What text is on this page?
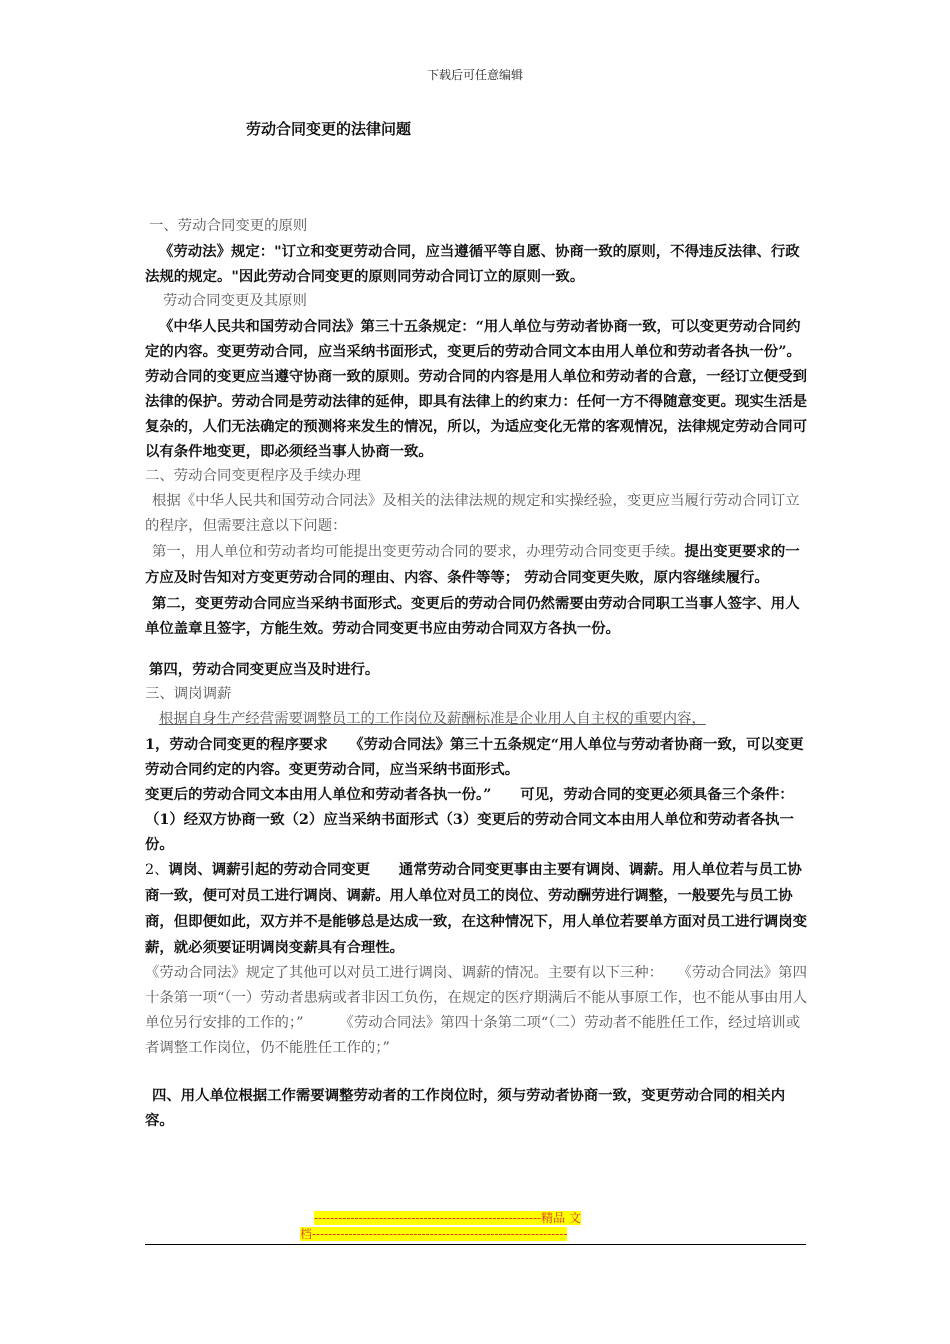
下载后可任意编辑
劳动合同变更的法律问题

一、劳动合同变更的原则

《劳动法》规定："订立和变更劳动合同，应当遵循平等自愿、协商一致的原则，不得违反法律、行政法规的规定。"因此劳动合同变更的原则同劳动合同订立的原则一致。

劳动合同变更及其原则

《中华人民共和国劳动合同法》第三十五条规定：“用人单位与劳动者协商一致，可以变更劳动合同约定的内容。变更劳动合同，应当采纳书面形式，变更后的劳动合同文本由用人单位和劳动者各执一份”。劳动合同的变更应当遵守协商一致的原则。劳动合同的内容是用人单位和劳动者的合意，一经订立便受到法律的保护。劳动合同是劳动法律的延伸，即具有法律上的约束力：任何一方不得随意变更。现实生活是复杂的，人们无法确定的预测将来发生的情况，所以，为适应变化无常的客观情况，法律规定劳动合同可以有条件地变更，即必须经当事人协商一致。

二、劳动合同变更程序及手续办理

根据《中华人民共和国劳动合同法》及相关的法律法规的规定和实操经验，变更应当履行劳动合同订立的程序，但需要注意以下问题：

第一，用人单位和劳动者均可能提出变更劳动合同的要求，办理劳动合同变更手续。提出变更要求的一方应及时告知对方变更劳动合同的理由、内容、条件等等； 劳动合同变更失败，原内容继续履行。

第二，变更劳动合同应当采纳书面形式。变更后的劳动合同仍然需要由劳动合同职工当事人签字、用人单位盖章且签字，方能生效。劳动合同变更书应由劳动合同双方各执一份。

第四，劳动合同变更应当及时进行。

三、调岗调薪

根据自身生产经营需要调整员工的工作岗位及薪酬标准是企业用人自主权的重要内容，

1，劳动合同变更的程序要求　　《劳动合同法》第三十五条规定“用人单位与劳动者协商一致，可以变更劳动合同约定的内容。变更劳动合同，应当采纳书面形式。

变更后的劳动合同文本由用人单位和劳动者各执一份。”　　可见，劳动合同的变更必须具备三个条件：（1）经双方协商一致（2）应当采纳书面形式（3）变更后的劳动合同文本由用人单位和劳动者各执一份。

2、调岗、调薪引起的劳动合同变更　　通常劳动合同变更事由主要有调岗、调薪。用人单位若与员工协商一致，便可对员工进行调岗、调薪。用人单位对员工的岗位、劳动酬劳进行调整，一般要先与员工协商，但即便如此，双方并不是能够总是达成一致，在这种情况下，用人单位若要单方面对员工进行调岗变薪，就必须要证明调岗变薪具有合理性。

《劳动合同法》规定了其他可以对员工进行调岗、调薪的情况。主要有以下三种：　　《劳动合同法》第四十条第一项“（一）劳动者患病或者非因工负伤，在规定的医疗期满后不能从事原工作，也不能从事由用人单位另行安排的工作的；”　　　《劳动合同法》第四十条第二项“（二）劳动者不能胜任工作，经过培训或者调整工作岗位，仍不能胜任工作的；”

四、用人单位根据工作需要调整劳动者的工作岗位时，须与劳动者协商一致，变更劳动合同的相关内容。

--------------------------------------------------------精品 文
档---------------------------------------------------------------
